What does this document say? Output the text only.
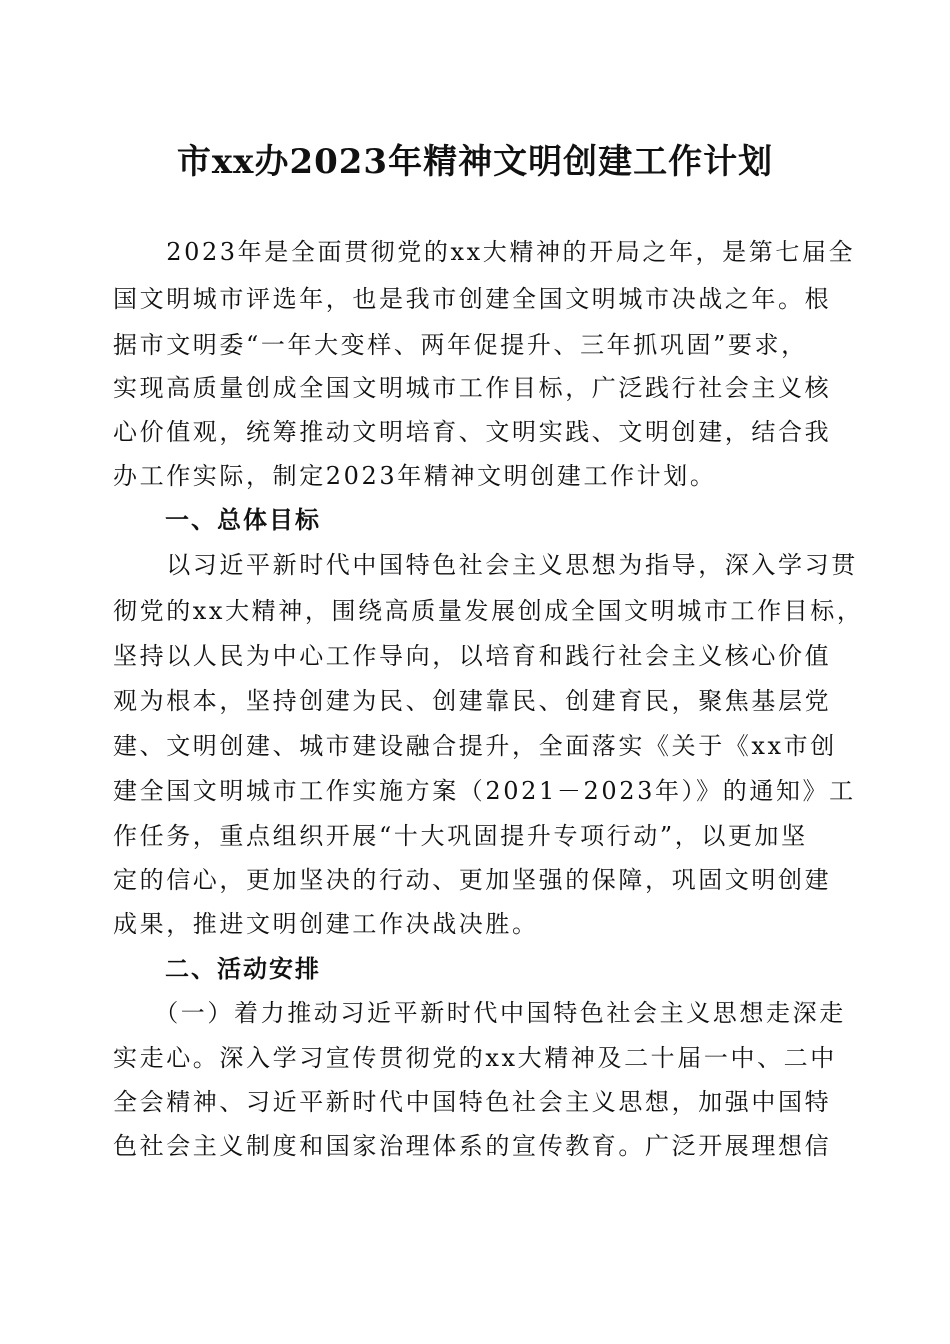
市xx办2023年精神文明创建工作计划
　　2023年是全面贯彻党的xx大精神的开局之年，是第七届全
国文明城市评选年，也是我市创建全国文明城市决战之年。根
据市文明委“一年大变样、两年促提升、三年抓巩固”要求，
实现高质量创成全国文明城市工作目标，广泛践行社会主义核
心价值观，统筹推动文明培育、文明实践、文明创建，结合我
办工作实际，制定2023年精神文明创建工作计划。
　　一、总体目标
　　以习近平新时代中国特色社会主义思想为指导，深入学习贯
彻党的xx大精神，围绕高质量发展创成全国文明城市工作目标，
坚持以人民为中心工作导向，以培育和践行社会主义核心价值
观为根本，坚持创建为民、创建靠民、创建育民，聚焦基层党
建、文明创建、城市建设融合提升，全面落实《关于《xx市创
建全国文明城市工作实施方案（2021－2023年）》的通知》工
作任务，重点组织开展“十大巩固提升专项行动”，以更加坚
定的信心，更加坚决的行动、更加坚强的保障，巩固文明创建
成果，推进文明创建工作决战决胜。
　　二、活动安排
　　（一）着力推动习近平新时代中国特色社会主义思想走深走
实走心。深入学习宣传贯彻党的xx大精神及二十届一中、二中
全会精神、习近平新时代中国特色社会主义思想，加强中国特
色社会主义制度和国家治理体系的宣传教育。广泛开展理想信
